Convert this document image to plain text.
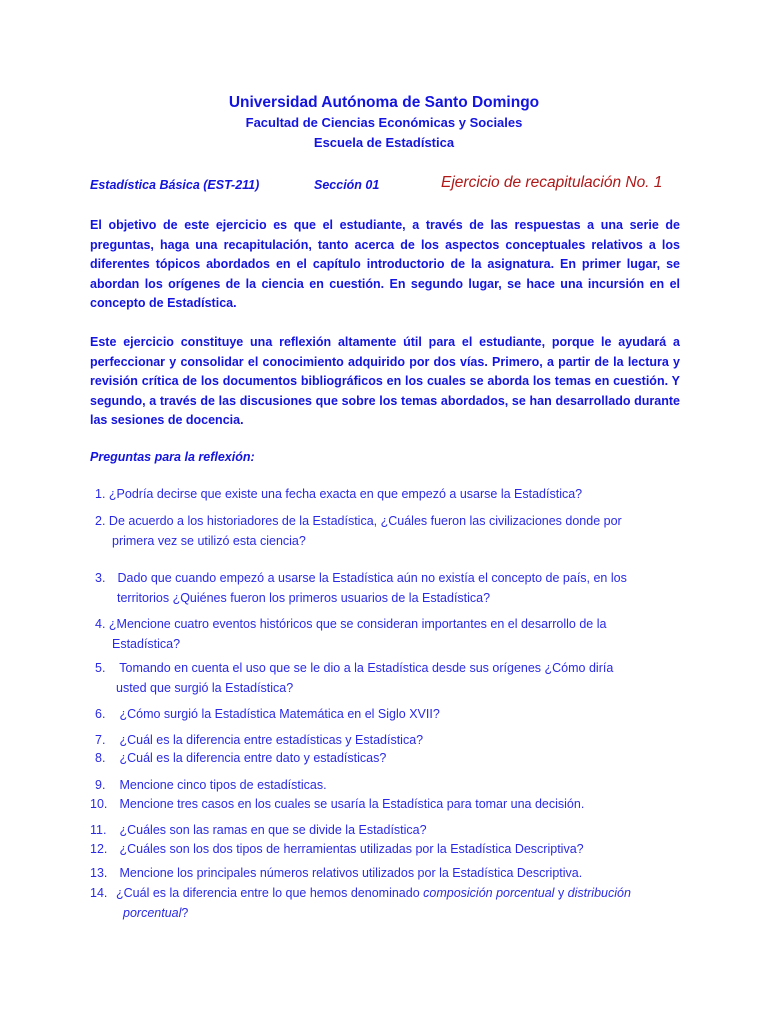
Universidad Autónoma de Santo Domingo
Facultad de Ciencias Económicas y Sociales
Escuela de Estadística
Estadística Básica (EST-211)	Sección 01	Ejercicio de recapitulación No. 1
El objetivo de este ejercicio es que el estudiante, a través de las respuestas a una serie de preguntas, haga una recapitulación, tanto acerca de los aspectos conceptuales relativos a los diferentes tópicos abordados en el capítulo introductorio de la asignatura. En primer lugar, se abordan los orígenes de la ciencia en cuestión. En segundo lugar, se hace una incursión en el concepto de Estadística.
Este ejercicio constituye una reflexión altamente útil para el estudiante, porque le ayudará a perfeccionar y consolidar el conocimiento adquirido por dos vías. Primero, a partir de la lectura y revisión crítica de los documentos bibliográficos en los cuales se aborda los temas en cuestión. Y segundo, a través de las discusiones que sobre los temas abordados, se han desarrollado durante las sesiones de docencia.
Preguntas para la reflexión:
1. ¿Podría decirse que existe una fecha exacta en que empezó a usarse la Estadística?
2. De acuerdo a los historiadores de la Estadística, ¿Cuáles fueron las civilizaciones donde por
primera vez se utilizó esta ciencia?
3. Dado que cuando empezó a usarse la Estadística aún no existía el concepto de país, en los
territorios ¿Quiénes fueron los primeros usuarios de la Estadística?
4. ¿Mencione cuatro eventos históricos que se consideran importantes en el desarrollo de la
Estadística?
5. Tomando en cuenta el uso que se le dio a la Estadística desde sus orígenes ¿Cómo diría
usted que surgió la Estadística?
6. ¿Cómo surgió la Estadística Matemática en el Siglo XVII?
7. ¿Cuál es la diferencia entre estadísticas y Estadística?
8. ¿Cuál es la diferencia entre dato y estadísticas?
9. Mencione cinco tipos de estadísticas.
10. Mencione tres casos en los cuales se usaría la Estadística para tomar una decisión.
11. ¿Cuáles son las ramas en que se divide la Estadística?
12. ¿Cuáles son los dos tipos de herramientas utilizadas por la Estadística Descriptiva?
13. Mencione los principales números relativos utilizados por la Estadística Descriptiva.
14. ¿Cuál es la diferencia entre lo que hemos denominado composición porcentual y distribución
porcentual?
